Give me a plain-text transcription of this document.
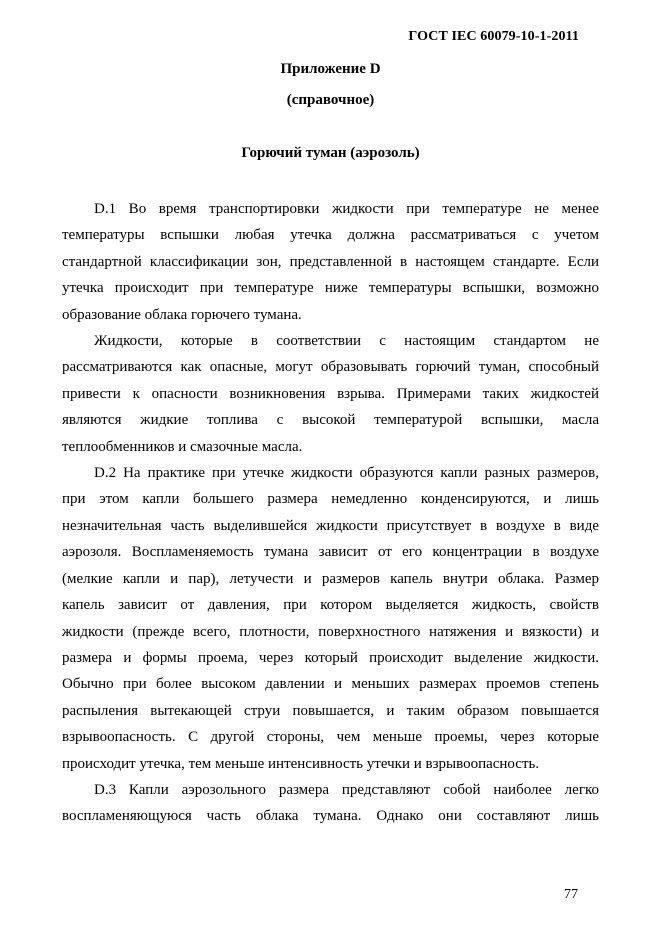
ГОСТ IEC 60079-10-1-2011
Приложение D
(справочное)
Горючий туман (аэрозоль)
D.1 Во время транспортировки жидкости при температуре не менее
температуры вспышки любая утечка должна рассматриваться с учетом
стандартной классификации зон, представленной в настоящем стандарте. Если
утечка происходит при температуре ниже температуры вспышки, возможно
образование облака горючего тумана.
Жидкости, которые в соответствии с настоящим стандартом не
рассматриваются как опасные, могут образовывать горючий туман, способный
привести к опасности возникновения взрыва. Примерами таких жидкостей
являются жидкие топлива с высокой температурой вспышки, масла
теплообменников и смазочные масла.
D.2 На практике при утечке жидкости образуются капли разных размеров,
при этом капли большего размера немедленно конденсируются, и лишь
незначительная часть выделившейся жидкости присутствует в воздухе в виде
аэрозоля. Воспламеняемость тумана зависит от его концентрации в воздухе
(мелкие капли и пар), летучести и размеров капель внутри облака. Размер
капель зависит от давления, при котором выделяется жидкость, свойств
жидкости (прежде всего, плотности, поверхностного натяжения и вязкости) и
размера и формы проема, через который происходит выделение жидкости.
Обычно при более высоком давлении и меньших размерах проемов степень
распыления вытекающей струи повышается, и таким образом повышается
взрывоопасность. С другой стороны, чем меньше проемы, через которые
происходит утечка, тем меньше интенсивность утечки и взрывоопасность.
D.3 Капли аэрозольного размера представляют собой наиболее легко
воспламеняющуюся часть облака тумана. Однако они составляют лишь
77
